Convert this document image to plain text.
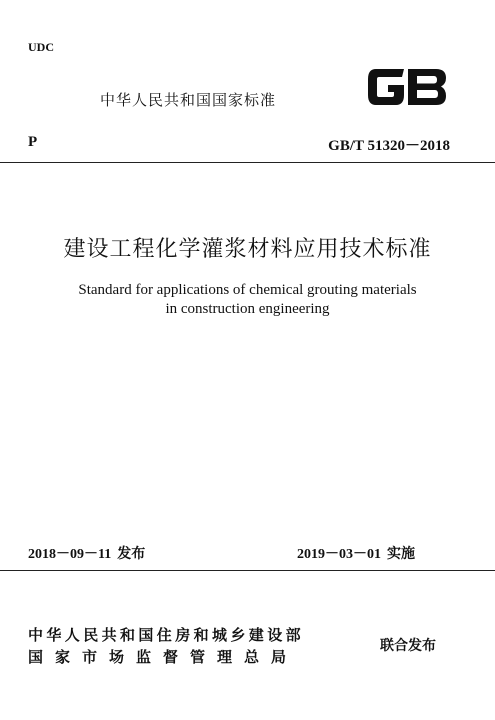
UDC
中华人民共和国国家标准
P	GB/T 51320－2018
建设工程化学灌浆材料应用技术标准
Standard for applications of chemical grouting materials
in construction engineering
2018－09－11 发布	2019－03－01 实施
中华人民共和国住房和城乡建设部
国家市场监督管理总局
联合发布
